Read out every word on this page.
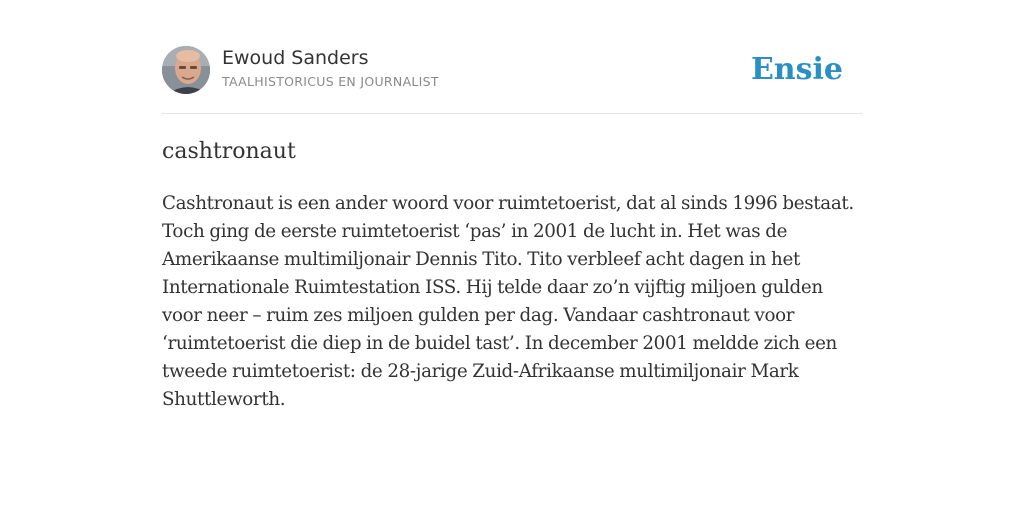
Ewoud Sanders
TAALHISTORICUS EN JOURNALIST	Ensie
cashtronaut
Cashtronaut is een ander woord voor ruimtetoerist, dat al sinds 1996 bestaat. Toch ging de eerste ruimtetoerist ‘pas’ in 2001 de lucht in. Het was de Amerikaanse multimiljonair Dennis Tito. Tito verbleef acht dagen in het Internationale Ruimtestation ISS. Hij telde daar zo’n vijftig miljoen gulden voor neer – ruim zes miljoen gulden per dag. Vandaar cashtronaut voor ‘ruimtetoerist die diep in de buidel tast’. In december 2001 meldde zich een tweede ruimtetoerist: de 28-jarige Zuid-Afrikaanse multimiljonair Mark Shuttleworth.
